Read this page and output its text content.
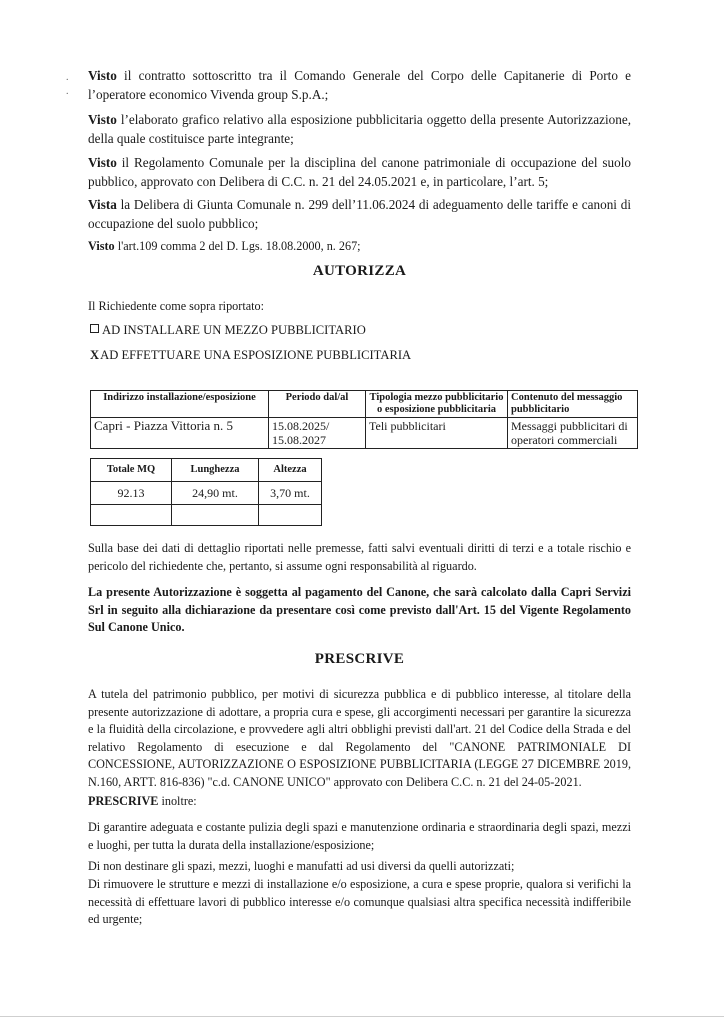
.
.
Visto il contratto sottoscritto tra il Comando Generale del Corpo delle Capitanerie di Porto e l’operatore economico Vivenda group S.p.A.;
Visto l’elaborato grafico relativo alla esposizione pubblicitaria oggetto della presente Autorizzazione, della quale costituisce parte integrante;
Visto il Regolamento Comunale per la disciplina del canone patrimoniale di occupazione del suolo pubblico, approvato con Delibera di C.C. n. 21 del 24.05.2021 e, in particolare, l’art. 5;
Vista la Delibera di Giunta Comunale n. 299 dell’11.06.2024 di adeguamento delle tariffe e canoni di occupazione del suolo pubblico;
Visto l'art.109 comma 2 del D. Lgs. 18.08.2000, n. 267;
AUTORIZZA
Il Richiedente come sopra riportato:
AD INSTALLARE UN MEZZO PUBBLICITARIO
XAD EFFETTUARE UNA ESPOSIZIONE PUBBLICITARIA
Indirizzo installazione/esposizione	Periodo dal/al	Tipologia mezzo pubblicitario o esposizione pubblicitaria	Contenuto del messaggio pubblicitario
Capri - Piazza Vittoria n. 5	15.08.2025/ 15.08.2027	Teli pubblicitari	Messaggi pubblicitari di operatori commerciali
Totale MQ	Lunghezza	Altezza
92.13	24,90 mt.	3,70 mt.

Sulla base dei dati di dettaglio riportati nelle premesse, fatti salvi eventuali diritti di terzi e a totale rischio e pericolo del richiedente che, pertanto, si assume ogni responsabilità al riguardo.
La presente Autorizzazione è soggetta al pagamento del Canone, che sarà calcolato dalla Capri Servizi Srl in seguito alla dichiarazione da presentare così come previsto dall'Art. 15 del Vigente Regolamento Sul Canone Unico.
PRESCRIVE
A tutela del patrimonio pubblico, per motivi di sicurezza pubblica e di pubblico interesse, al titolare della presente autorizzazione di adottare, a propria cura e spese, gli accorgimenti necessari per garantire la sicurezza e la fluidità della circolazione, e provvedere agli altri obblighi previsti dall'art. 21 del Codice della Strada e del relativo Regolamento di esecuzione e dal Regolamento del "CANONE PATRIMONIALE DI CONCESSIONE, AUTORIZZAZIONE O ESPOSIZIONE PUBBLICITARIA (LEGGE 27 DICEMBRE 2019, N.160, ARTT. 816-836) "c.d. CANONE UNICO" approvato con Delibera C.C. n. 21 del 24-05-2021.
PRESCRIVE inoltre:
Di garantire adeguata e costante pulizia degli spazi e manutenzione ordinaria e straordinaria degli spazi, mezzi e luoghi, per tutta la durata della installazione/esposizione;
Di non destinare gli spazi, mezzi, luoghi e manufatti ad usi diversi da quelli autorizzati;
Di rimuovere le strutture e mezzi di installazione e/o esposizione, a cura e spese proprie, qualora si verifichi la necessità di effettuare lavori di pubblico interesse e/o comunque qualsiasi altra specifica necessità indifferibile ed urgente;
